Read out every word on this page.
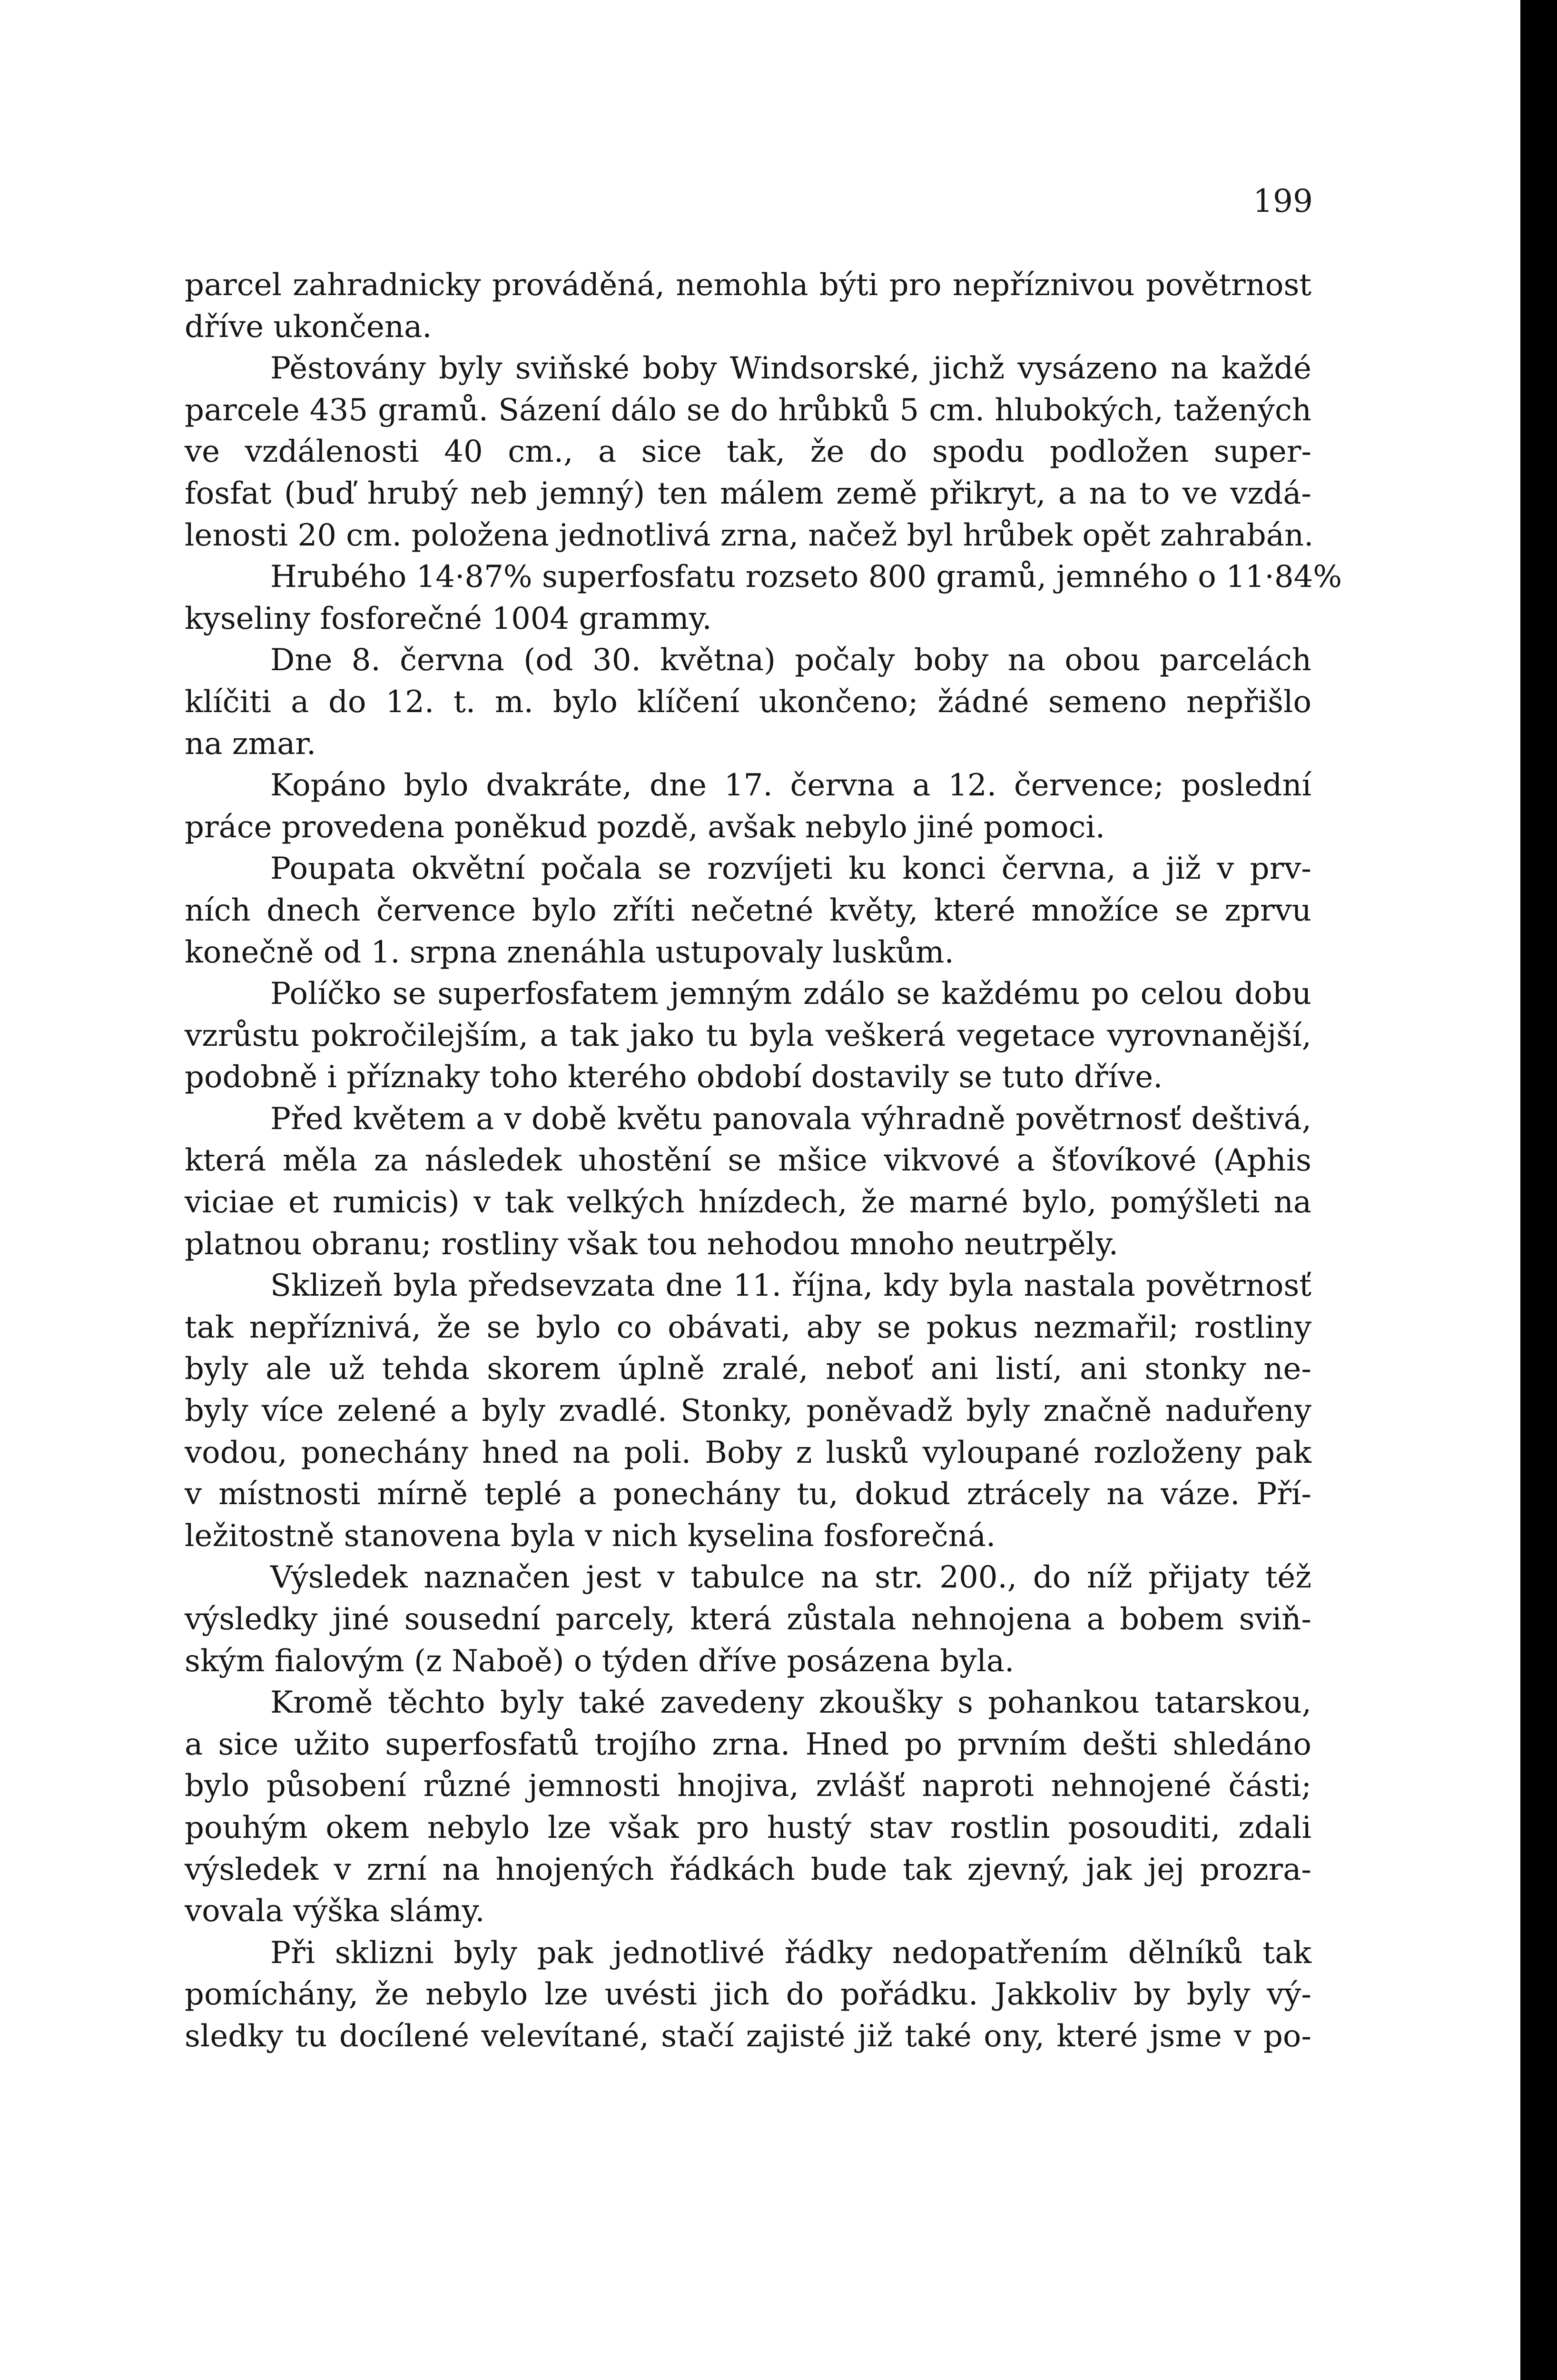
199

parcel zahradnicky prováděná, nemohla býti pro nepříznivou povětrnost
dříve ukončena.
Pěstovány byly sviňské boby Windsorské, jichž vysázeno na každé
parcele 435 gramů. Sázení dálo se do hrůbků 5 cm. hlubokých, tažených ve vzdálenosti 40 cm., a sice tak, že do spodu podložen super-
fosfat (buď hrubý neb jemný) ten málem země přikryt, a na to ve vzdá-
lenosti 20 cm. položena jednotlivá zrna, načež byl hrůbek opět zahrabán.
Hrubého 14·87% superfosfatu rozseto 800 gramů, jemného o 11·84%
kyseliny fosforečné 1004 grammy.
Dne 8. června (od 30. května) počaly boby na obou parcelách
klíčiti a do 12. t. m. bylo klíčení ukončeno; žádné semeno nepřišlo
na zmar.
Kopáno bylo dvakráte, dne 17. června a 12. července; poslední
práce provedena poněkud pozdě, avšak nebylo jiné pomoci.
Poupata okvětní počala se rozvíjeti ku konci června, a již v prv-
ních dnech července bylo zříti nečetné květy, které množíce se zprvu
konečně od 1. srpna znenáhla ustupovaly luskům.
Políčko se superfosfatem jemným zdálo se každému po celou dobu
vzrůstu pokročilejším, a tak jako tu byla veškerá vegetace vyrovnanější,
podobně i příznaky toho kterého období dostavily se tuto dříve.
Před květem a v době květu panovala výhradně povětrnosť deštivá,
která měla za následek uhostění se mšice vikvové a šťovíkové (Aphis
viciae et rumicis) v tak velkých hnízdech, že marné bylo, pomýšleti na
platnou obranu; rostliny však tou nehodou mnoho neutrpěly.
Sklizeň byla předsevzata dne 11. října, kdy byla nastala povětrnosť
tak nepříznivá, že se bylo co obávati, aby se pokus nezmařil; rostliny
byly ale už tehda skorem úplně zralé, neboť ani listí, ani stonky ne-
byly více zelené a byly zvadlé. Stonky, poněvadž byly značně naduřeny
vodou, ponechány hned na poli. Boby z lusků vyloupané rozloženy pak
v místnosti mírně teplé a ponechány tu, dokud ztrácely na váze. Pří-
ležitostně stanovena byla v nich kyselina fosforečná.
Výsledek naznačen jest v tabulce na str. 200., do níž přijaty též
výsledky jiné sousední parcely, která zůstala nehnojena a bobem sviň-
ským fialovým (z Naboě) o týden dříve posázena byla.
Kromě těchto byly také zavedeny zkoušky s pohankou tatarskou,
a sice užito superfosfatů trojího zrna. Hned po prvním dešti shledáno
bylo působení různé jemnosti hnojiva, zvlášť naproti nehnojené části;
pouhým okem nebylo lze však pro hustý stav rostlin posouditi, zdali
výsledek v zrní na hnojených řádkách bude tak zjevný, jak jej prozra-
vovala výška slámy.
Při sklizni byly pak jednotlivé řádky nedopatřením dělníků tak
pomíchány, že nebylo lze uvésti jich do pořádku. Jakkoliv by byly vý-
sledky tu docílené velevítané, stačí zajisté již také ony, které jsme v po-
